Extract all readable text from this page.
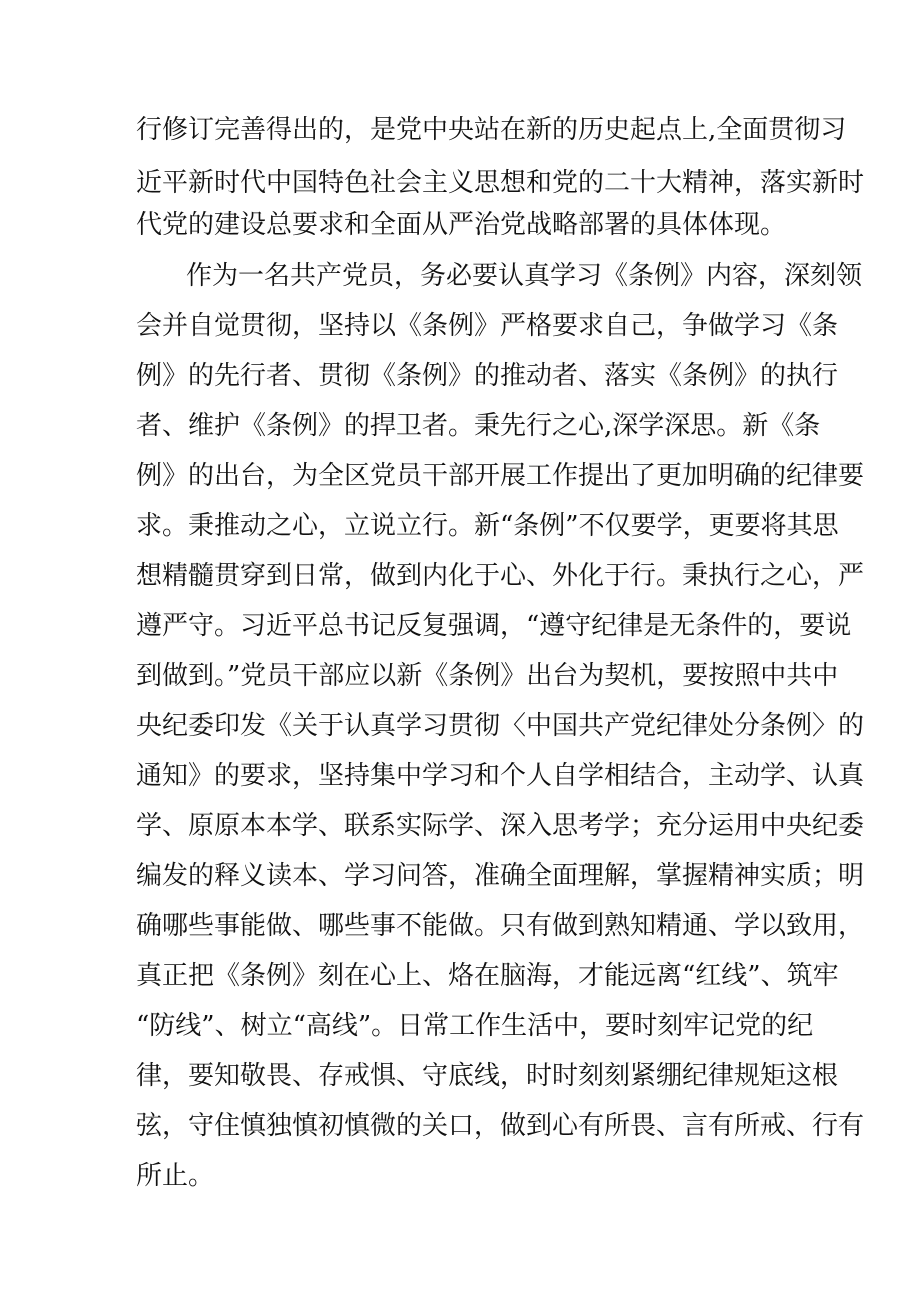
行修订完善得出的，是党中央站在新的历史起点上,全面贯彻习

近平新时代中国特色社会主义思想和党的二十大精神，落实新时

代党的建设总要求和全面从严治党战略部署的具体体现。

作为一名共产党员，务必要认真学习《条例》内容，深刻领

会并自觉贯彻，坚持以《条例》严格要求自己，争做学习《条

例》的先行者、贯彻《条例》的推动者、落实《条例》的执行

者、维护《条例》的捍卫者。秉先行之心,深学深思。新《条

例》的出台，为全区党员干部开展工作提出了更加明确的纪律要

求。秉推动之心，立说立行。新“条例”不仅要学，更要将其思

想精髓贯穿到日常，做到内化于心、外化于行。秉执行之心，严

遵严守。习近平总书记反复强调，“遵守纪律是无条件的，要说

到做到。”党员干部应以新《条例》出台为契机，要按照中共中

央纪委印发《关于认真学习贯彻〈中国共产党纪律处分条例〉的

通知》的要求，坚持集中学习和个人自学相结合，主动学、认真

学、原原本本学、联系实际学、深入思考学；充分运用中央纪委

编发的释义读本、学习问答，准确全面理解，掌握精神实质；明

确哪些事能做、哪些事不能做。只有做到熟知精通、学以致用，

真正把《条例》刻在心上、烙在脑海，才能远离“红线”、筑牢

“防线”、树立“高线”。日常工作生活中，要时刻牢记党的纪

律，要知敬畏、存戒惧、守底线，时时刻刻紧绷纪律规矩这根

弦，守住慎独慎初慎微的关口，做到心有所畏、言有所戒、行有

所止。
